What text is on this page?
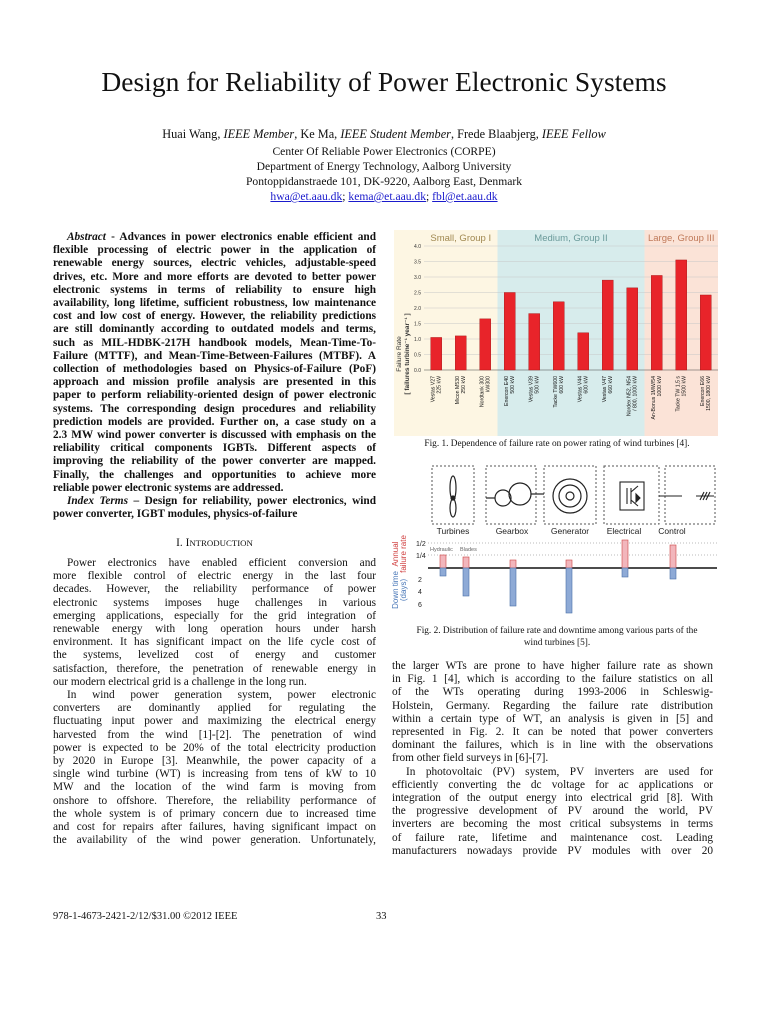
Design for Reliability of Power Electronic Systems
Huai Wang, IEEE Member, Ke Ma, IEEE Student Member, Frede Blaabjerg, IEEE Fellow
Center Of Reliable Power Electronics (CORPE)
Department of Energy Technology, Aalborg University
Pontoppidanstraede 101, DK-9220, Aalborg East, Denmark
hwa@et.aau.dk; kema@et.aau.dk; fbl@et.aau.dk
Abstract - Advances in power electronics enable efficient and
flexible processing of electric power in the application of
renewable energy sources, electric vehicles, adjustable-speed
drives, etc. More and more efforts are devoted to better power
electronic systems in terms of reliability to ensure high
availability, long lifetime, sufficient robustness, low maintenance
cost and low cost of energy. However, the reliability predictions
are still dominantly according to outdated models and terms,
such as MIL-HDBK-217H handbook models, Mean-Time-To-
Failure (MTTF), and Mean-Time-Between-Failures (MTBF). A
collection of methodologies based on Physics-of-Failure (PoF)
approach and mission profile analysis are presented in this
paper to perform reliability-oriented design of power electronic
systems. The corresponding design procedures and reliability
prediction models are provided. Further on, a case study on a
2.3 MW wind power converter is discussed with emphasis on the
reliability critical components IGBTs. Different aspects of
improving the reliability of the power converter are mapped.
Finally, the challenges and opportunities to achieve more
reliable power electronic systems are addressed.
Index Terms – Design for reliability, power electronics, wind
power converter, IGBT modules, physics-of-failure
I. INTRODUCTION
Power electronics have enabled efficient conversion and
more flexible control of electric energy in the last four
decades. However, the reliability performance of power
electronic systems imposes huge challenges in various
emerging applications, especially for the grid integration of
renewable energy with long operation hours under harsh
environment. It has significant impact on the life cycle cost of
the systems, levelized cost of energy and customer
satisfaction, therefore, the penetration of renewable energy in
our modern electrical grid is a challenge in the long run.
In wind power generation system, power electronic
converters are dominantly applied for regulating the
fluctuating input power and maximizing the electrical energy
harvested from the wind [1]-[2]. The penetration of wind
power is expected to be 20% of the total electricity production
by 2020 in Europe [3]. Meanwhile, the power capacity of a
single wind turbine (WT) is increasing from tens of kW to 10
MW and the location of the wind farm is moving from
onshore to offshore. Therefore, the reliability performance of
the whole system is of primary concern due to increased time
and cost for repairs after failures, having significant impact on
the availability of the wind power generation. Unfortunately,
Small, Group I	Medium, Group II	Large, Group III
0.0
0.5
1.0
1.5
2.0
2.5
3.0
3.5
4.0
Vestas V27 225 kW Micon M530 250 kW Nordtank 300 kW300 Enercon E40 500 kW Vestas V39 500 kW Tacke TW600 600 kW Vestas V44 600 kW Vestas V47 660 kW Nordex N52, N54 / 800, 1000 kW An-Bonus 1MW/54 1000 kW Tacke TW 1,5 s 1500 kW Enercon E66 1500, 1800 kW
Failure Rate [ failures turbine⁻¹ year⁻¹ ]
Fig. 1. Dependence of failure rate on power rating of wind turbines [4].
Turbines	Gearbox	Generator Electrical Control
Annual failure rate
Down time (days)
1/2
1/4
2
4
6
Hydraulic Blades
Fig. 2. Distribution of failure rate and downtime among various parts of the
wind turbines [5].
the larger WTs are prone to have higher failure rate as shown
in Fig. 1 [4], which is according to the failure statistics on all
of the WTs operating during 1993-2006 in Schleswig-
Holstein, Germany. Regarding the failure rate distribution
within a certain type of WT, an analysis is given in [5] and
represented in Fig. 2. It can be noted that power converters
dominant the failures, which is in line with the observations
from other field surveys in [6]-[7].
In photovoltaic (PV) system, PV inverters are used for
efficiently converting the dc voltage for ac applications or
integration of the output energy into electrical grid [8]. With
the progressive development of PV around the world, PV
inverters are becoming the most critical subsystems in terms
of failure rate, lifetime and maintenance cost. Leading
manufacturers nowadays provide PV modules with over 20
978-1-4673-2421-2/12/$31.00 ©2012 IEEE	33
